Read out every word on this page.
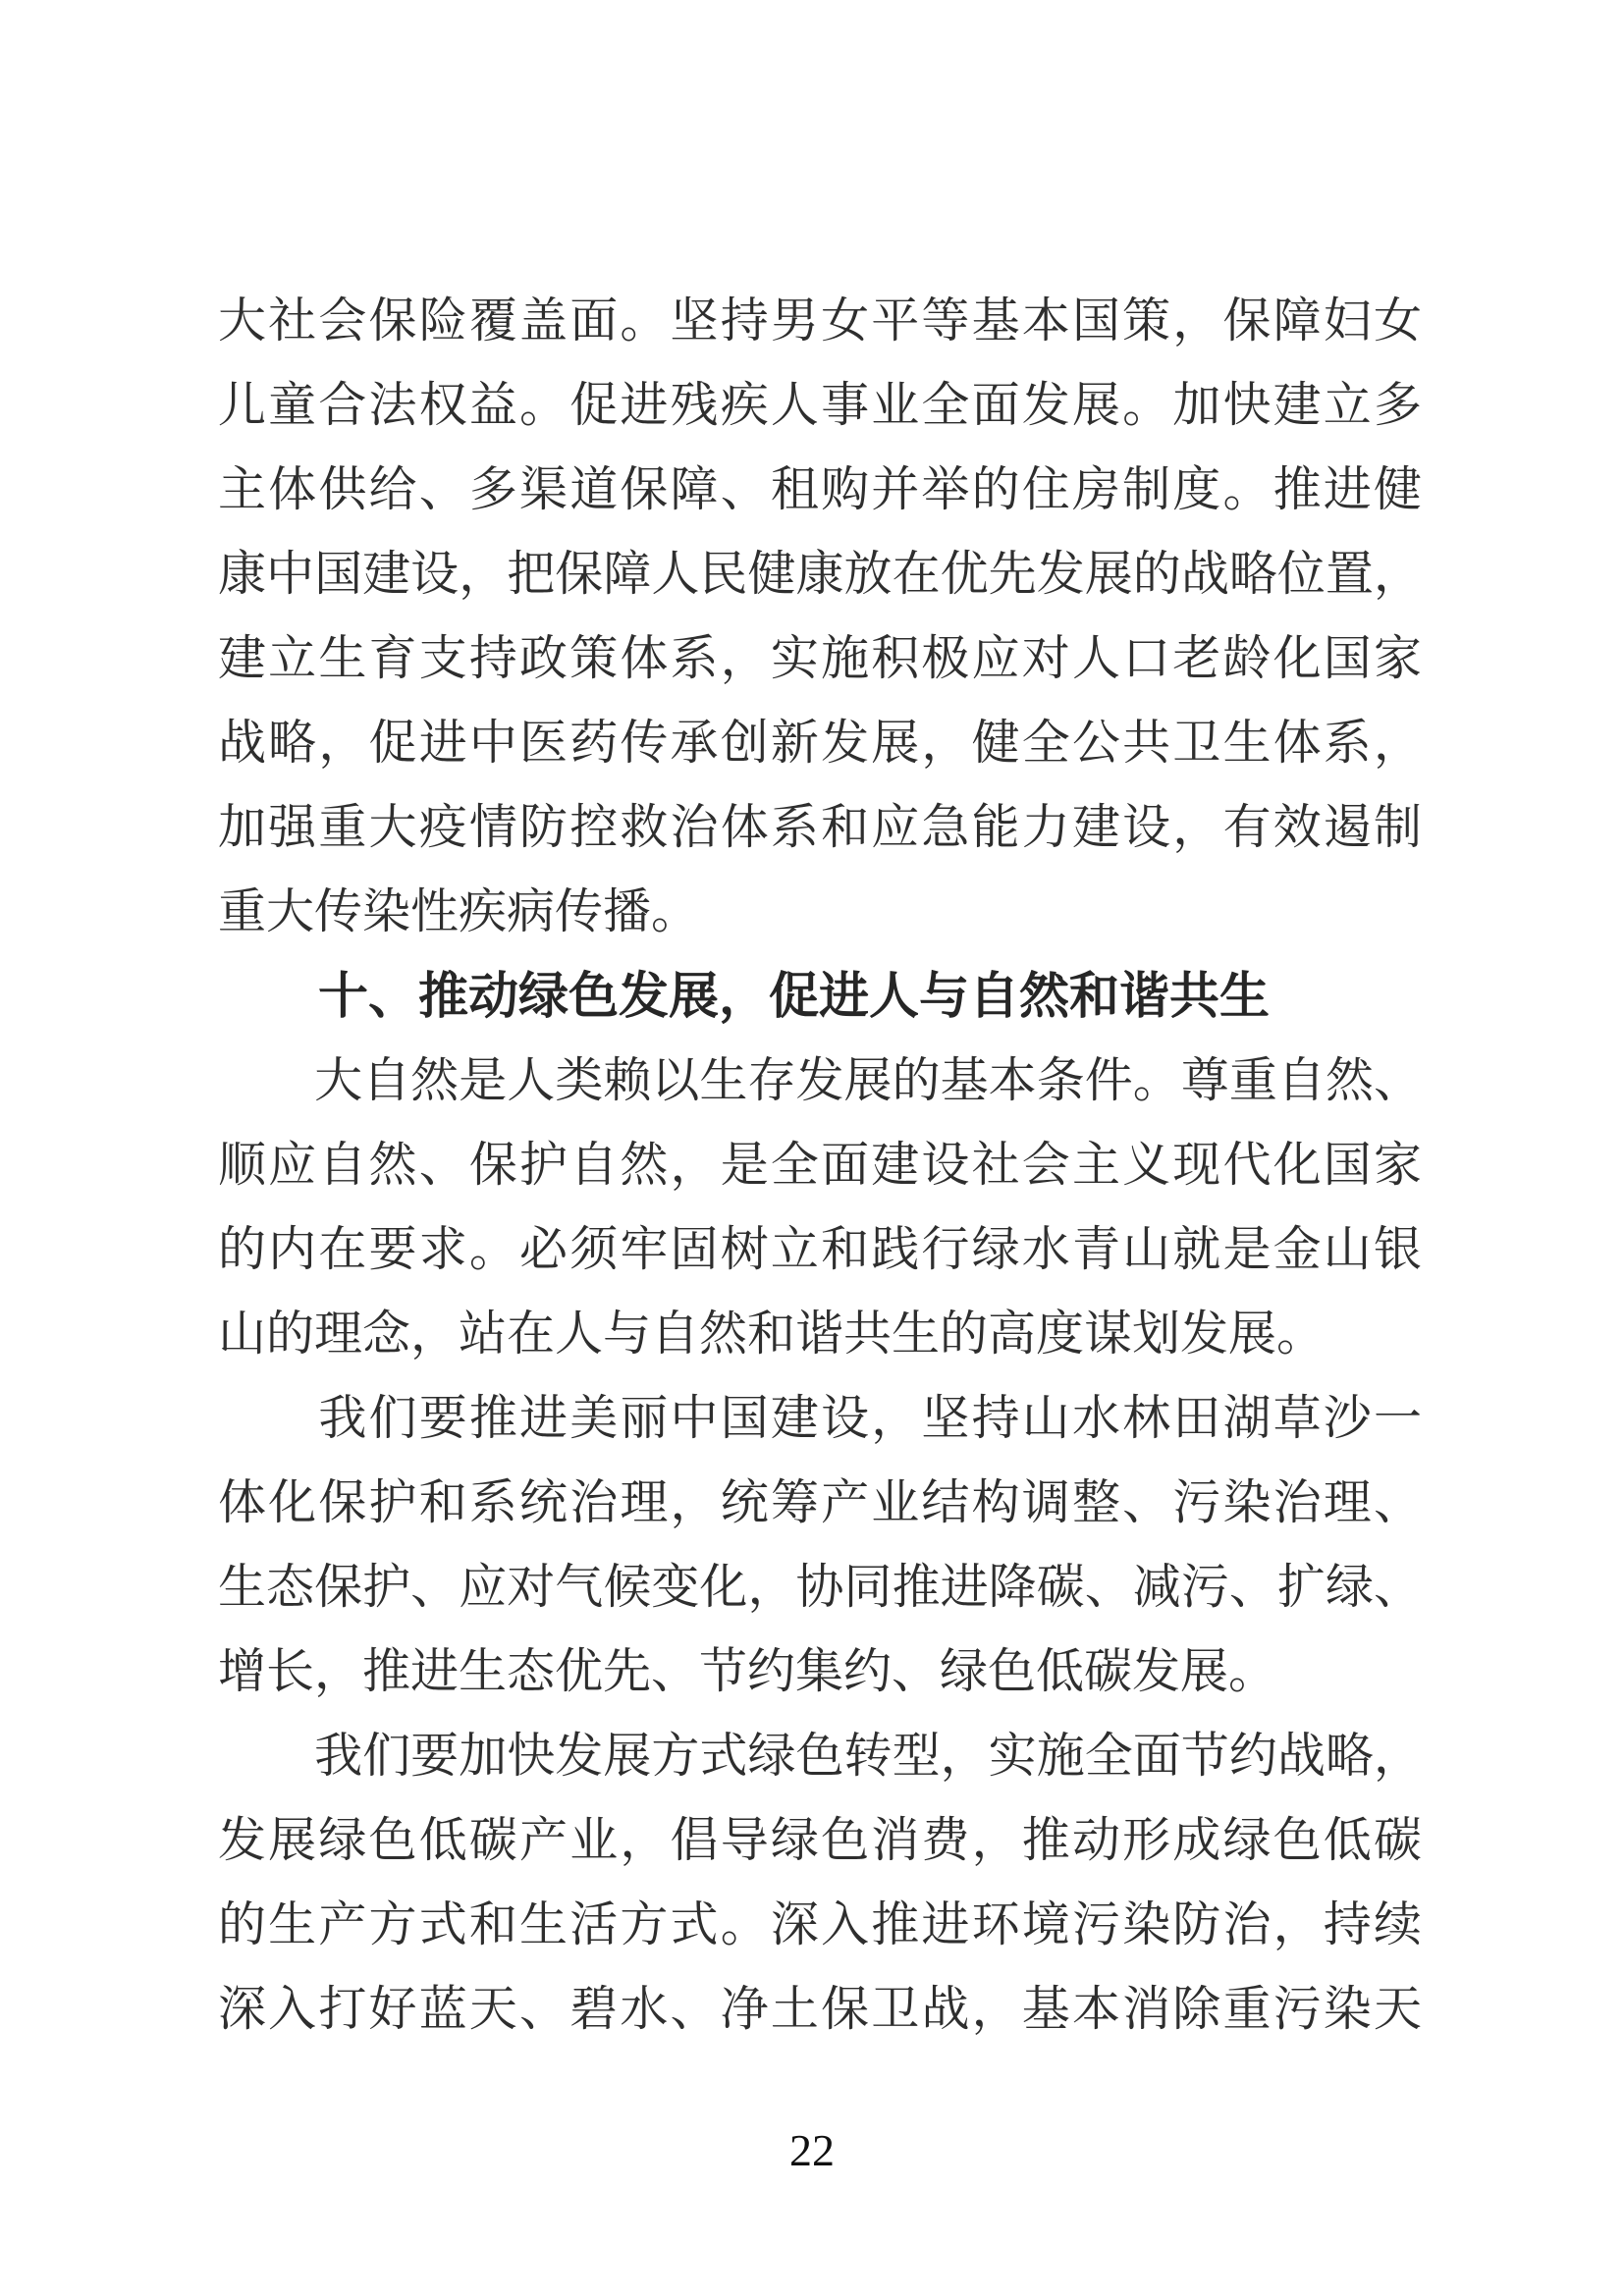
大社会保险覆盖面。坚持男女平等基本国策，保障妇女
儿童合法权益。促进残疾人事业全面发展。加快建立多
主体供给、多渠道保障、租购并举的住房制度。推进健
康中国建设，把保障人民健康放在优先发展的战略位置，
建立生育支持政策体系，实施积极应对人口老龄化国家
战略，促进中医药传承创新发展，健全公共卫生体系，
加强重大疫情防控救治体系和应急能力建设，有效遏制
重大传染性疾病传播。
　　十、推动绿色发展，促进人与自然和谐共生
　　大自然是人类赖以生存发展的基本条件。尊重自然、
顺应自然、保护自然，是全面建设社会主义现代化国家
的内在要求。必须牢固树立和践行绿水青山就是金山银
山的理念，站在人与自然和谐共生的高度谋划发展。
　　我们要推进美丽中国建设，坚持山水林田湖草沙一
体化保护和系统治理，统筹产业结构调整、污染治理、
生态保护、应对气候变化，协同推进降碳、减污、扩绿、
增长，推进生态优先、节约集约、绿色低碳发展。
　　我们要加快发展方式绿色转型，实施全面节约战略，
发展绿色低碳产业，倡导绿色消费，推动形成绿色低碳
的生产方式和生活方式。深入推进环境污染防治，持续
深入打好蓝天、碧水、净土保卫战，基本消除重污染天
22
